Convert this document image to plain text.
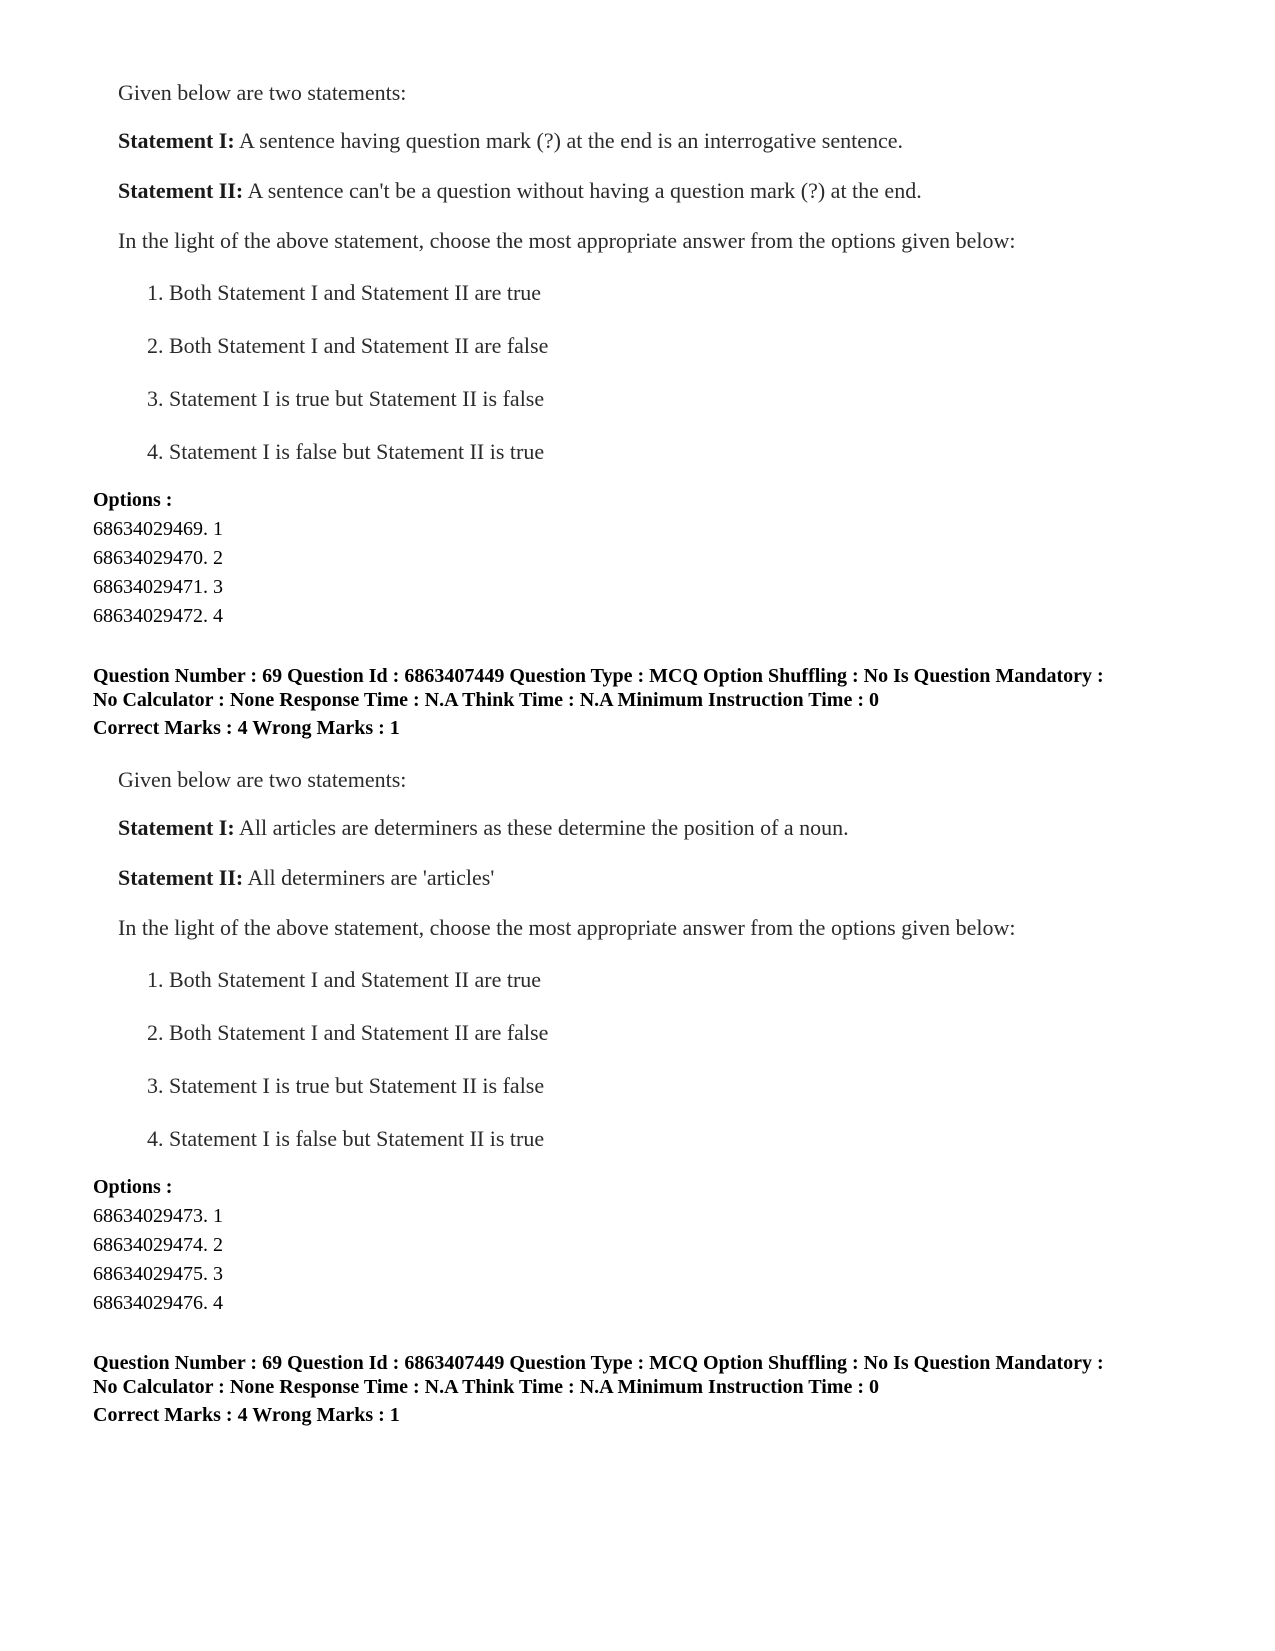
Given below are two statements:

Statement I: A sentence having question mark (?) at the end is an interrogative sentence.

Statement II: A sentence can't be a question without having a question mark (?) at the end.

In the light of the above statement, choose the most appropriate answer from the options given below:

1. Both Statement I and Statement II are true
2. Both Statement I and Statement II are false
3. Statement I is true but Statement II is false
4. Statement I is false but Statement II is true
Options :
68634029469. 1
68634029470. 2
68634029471. 3
68634029472. 4
Question Number : 69 Question Id : 6863407449 Question Type : MCQ Option Shuffling : No Is Question Mandatory :
No Calculator : None Response Time : N.A Think Time : N.A Minimum Instruction Time : 0
Correct Marks : 4 Wrong Marks : 1

Given below are two statements:

Statement I: All articles are determiners as these determine the position of a noun.

Statement II: All determiners are 'articles'

In the light of the above statement, choose the most appropriate answer from the options given below:

1. Both Statement I and Statement II are true
2. Both Statement I and Statement II are false
3. Statement I is true but Statement II is false
4. Statement I is false but Statement II is true
Options :
68634029473. 1
68634029474. 2
68634029475. 3
68634029476. 4
Question Number : 69 Question Id : 6863407449 Question Type : MCQ Option Shuffling : No Is Question Mandatory :
No Calculator : None Response Time : N.A Think Time : N.A Minimum Instruction Time : 0
Correct Marks : 4 Wrong Marks : 1
